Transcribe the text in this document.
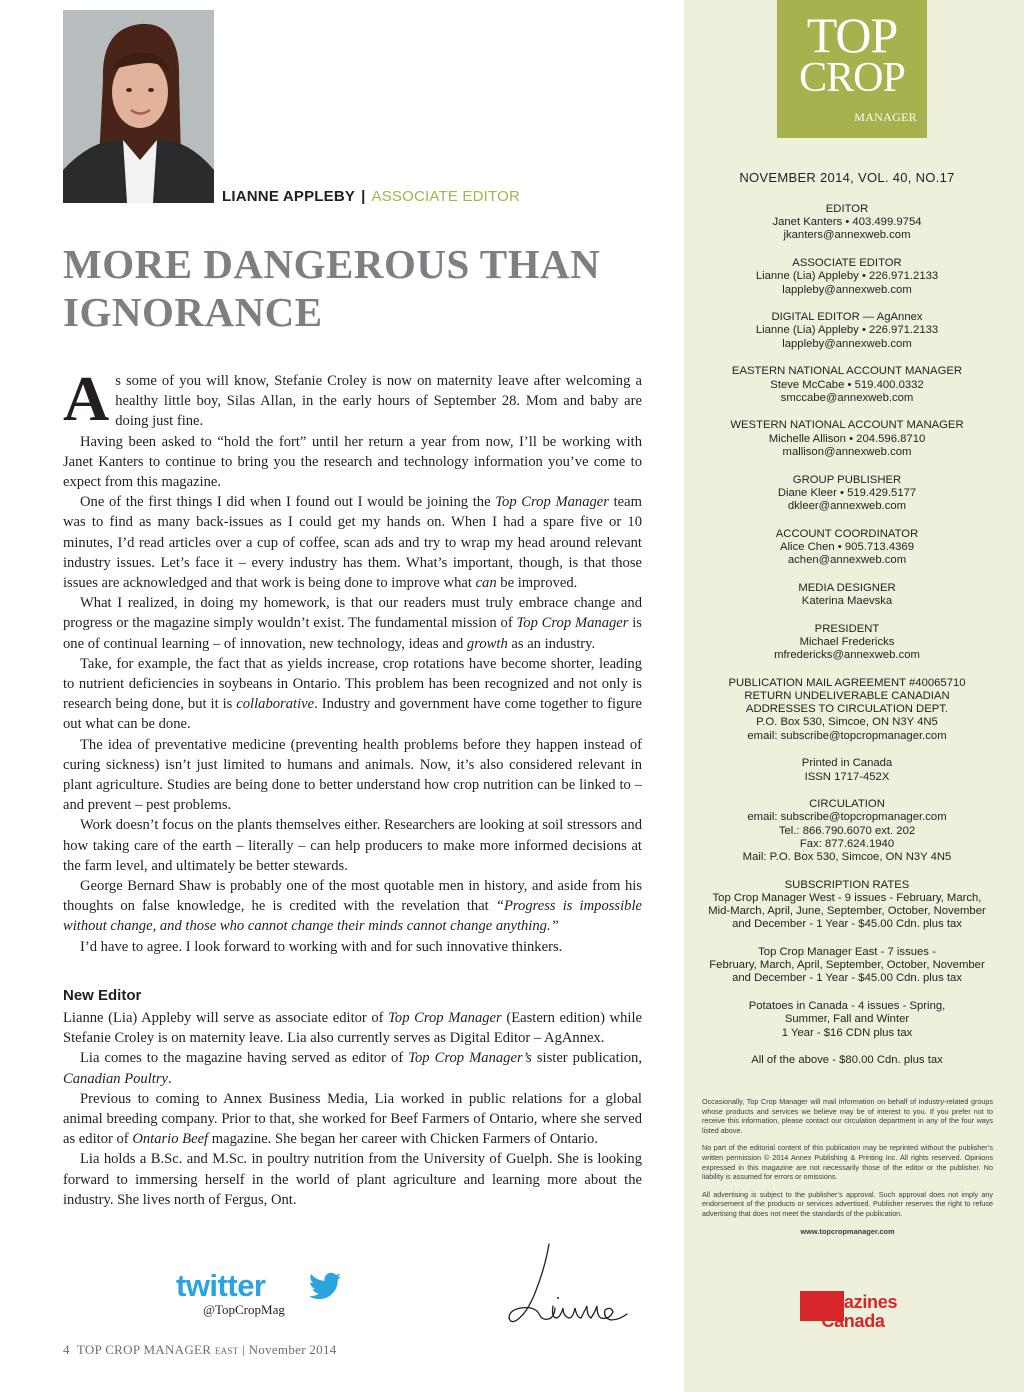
LIANNE APPLEBY | ASSOCIATE EDITOR
MORE DANGEROUS THAN IGNORANCE

As some of you will know, Stefanie Croley is now on maternity leave after welcoming a healthy little boy, Silas Allan, in the early hours of September 28. Mom and baby are doing just fine.

Having been asked to “hold the fort” until her return a year from now, I’ll be working with Janet Kanters to continue to bring you the research and technology information you’ve come to expect from this magazine.

One of the first things I did when I found out I would be joining the Top Crop Manager team was to find as many back-issues as I could get my hands on. When I had a spare five or 10 minutes, I’d read articles over a cup of coffee, scan ads and try to wrap my head around relevant industry issues. Let’s face it – every industry has them. What’s important, though, is that those issues are acknowledged and that work is being done to improve what can be improved.

What I realized, in doing my homework, is that our readers must truly embrace change and progress or the magazine simply wouldn’t exist. The fundamental mission of Top Crop Manager is one of continual learning – of innovation, new technology, ideas and growth as an industry.

Take, for example, the fact that as yields increase, crop rotations have become shorter, leading to nutrient deficiencies in soybeans in Ontario. This problem has been recognized and not only is research being done, but it is collaborative. Industry and government have come together to figure out what can be done.

The idea of preventative medicine (preventing health problems before they happen instead of curing sickness) isn’t just limited to humans and animals. Now, it’s also considered relevant in plant agriculture. Studies are being done to better understand how crop nutrition can be linked to – and prevent – pest problems.

Work doesn’t focus on the plants themselves either. Researchers are looking at soil stressors and how taking care of the earth – literally – can help producers to make more informed decisions at the farm level, and ultimately be better stewards.

George Bernard Shaw is probably one of the most quotable men in history, and aside from his thoughts on false knowledge, he is credited with the revelation that “Progress is impossible without change, and those who cannot change their minds cannot change anything.”

I’d have to agree. I look forward to working with and for such innovative thinkers.

New Editor

Lianne (Lia) Appleby will serve as associate editor of Top Crop Manager (Eastern edition) while Stefanie Croley is on maternity leave. Lia also currently serves as Digital Editor – AgAnnex.

Lia comes to the magazine having served as editor of Top Crop Manager’s sister publication, Canadian Poultry.

Previous to coming to Annex Business Media, Lia worked in public relations for a global animal breeding company. Prior to that, she worked for Beef Farmers of Ontario, where she served as editor of Ontario Beef magazine. She began her career with Chicken Farmers of Ontario.

Lia holds a B.Sc. and M.Sc. in poultry nutrition from the University of Guelph. She is looking forward to immersing herself in the world of plant agriculture and learning more about the industry. She lives north of Fergus, Ont.

twitter
@TopCropMag
4 TOP CROP MANAGER EAST | November 2014
TOP
CROP
MANAGER
NOVEMBER 2014, VOL. 40, NO.17
EDITOR
Janet Kanters • 403.499.9754
jkanters@annexweb.com
ASSOCIATE EDITOR
Lianne (Lia) Appleby • 226.971.2133
lappleby@annexweb.com
DIGITAL EDITOR — AgAnnex
Lianne (Lia) Appleby • 226.971.2133
lappleby@annexweb.com
EASTERN NATIONAL ACCOUNT MANAGER
Steve McCabe • 519.400.0332
smccabe@annexweb.com
WESTERN NATIONAL ACCOUNT MANAGER
Michelle Allison • 204.596.8710
mallison@annexweb.com
GROUP PUBLISHER
Diane Kleer • 519.429.5177
dkleer@annexweb.com
ACCOUNT COORDINATOR
Alice Chen • 905.713.4369
achen@annexweb.com
MEDIA DESIGNER
Katerina Maevska
PRESIDENT
Michael Fredericks
mfredericks@annexweb.com
PUBLICATION MAIL AGREEMENT #40065710
RETURN UNDELIVERABLE CANADIAN
ADDRESSES TO CIRCULATION DEPT.
P.O. Box 530, Simcoe, ON N3Y 4N5
email: subscribe@topcropmanager.com
Printed in Canada
ISSN 1717-452X
CIRCULATION
email: subscribe@topcropmanager.com
Tel.: 866.790.6070 ext. 202
Fax: 877.624.1940
Mail: P.O. Box 530, Simcoe, ON N3Y 4N5
SUBSCRIPTION RATES
Top Crop Manager West - 9 issues - February, March,
Mid-March, April, June, September, October, November
and December - 1 Year - $45.00 Cdn. plus tax
Top Crop Manager East - 7 issues -
February, March, April, September, October, November
and December - 1 Year - $45.00 Cdn. plus tax
Potatoes in Canada - 4 issues - Spring,
Summer, Fall and Winter
1 Year - $16 CDN plus tax
All of the above - $80.00 Cdn. plus tax

Occasionally, Top Crop Manager will mail information on behalf of industry-related groups whose products and services we believe may be of interest to you. If you prefer not to receive this information, please contact our circulation department in any of the four ways listed above.

No part of the editorial content of this publication may be reprinted without the publisher’s written permission © 2014 Annex Publishing & Printing Inc. All rights reserved. Opinions expressed in this magazine are not necessarily those of the editor or the publisher. No liability is assumed for errors or omissions.

All advertising is subject to the publisher’s approval. Such approval does not imply any endorsement of the products or services advertised. Publisher reserves the right to refuse advertising that does not meet the standards of the publication.

www.topcropmanager.com
Magazines
Canada
